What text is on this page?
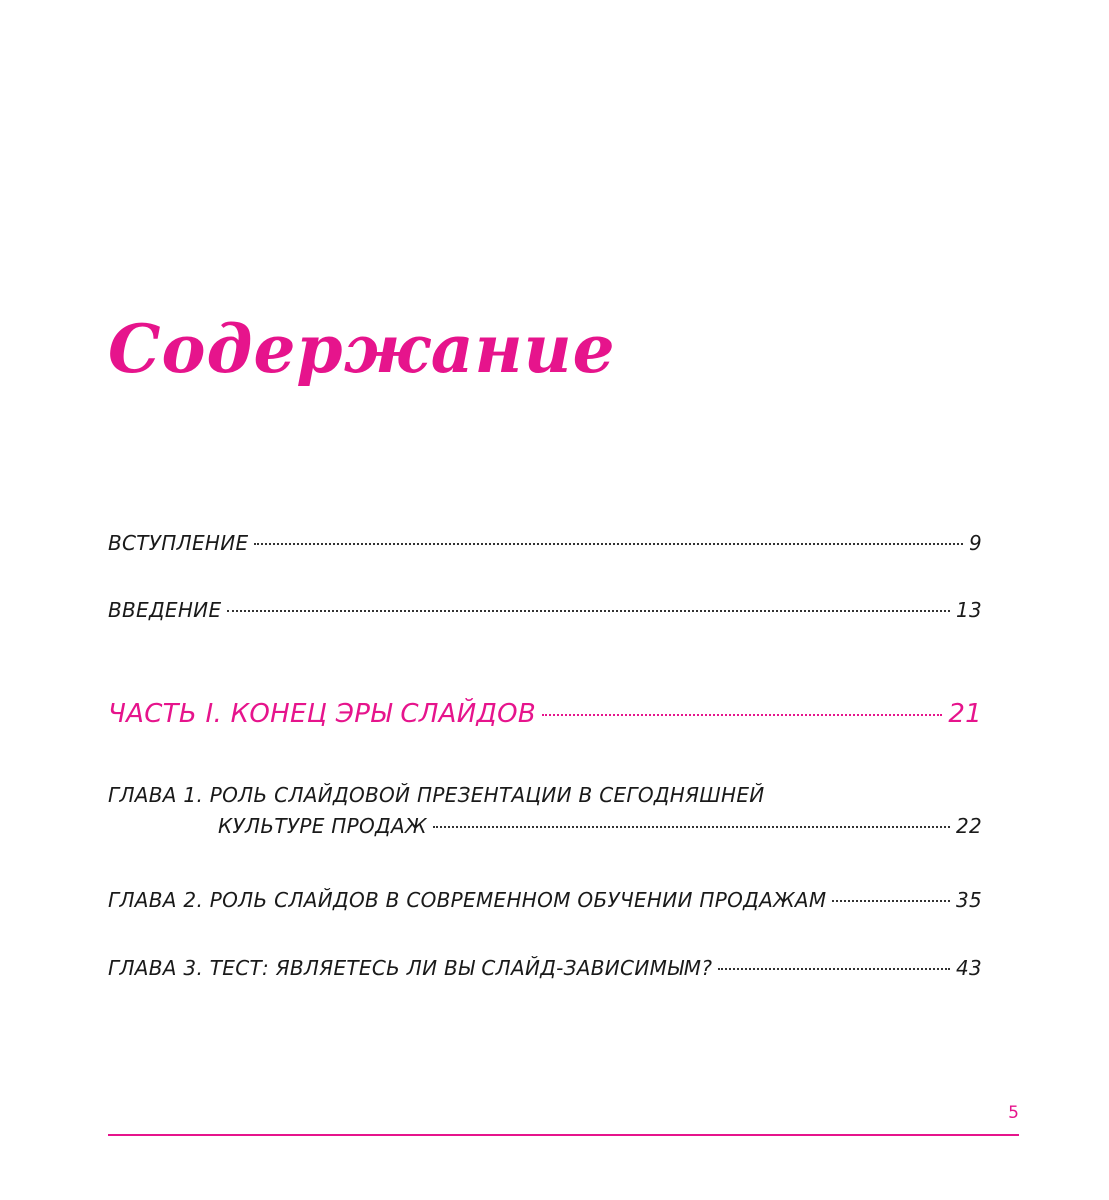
Содержание
ВСТУПЛЕНИЕ	9
ВВЕДЕНИЕ	13
ЧАСТЬ I. КОНЕЦ ЭРЫ СЛАЙДОВ	21
ГЛАВА 1. РОЛЬ СЛАЙДОВОЙ ПРЕЗЕНТАЦИИ В СЕГОДНЯШНЕЙ
КУЛЬТУРЕ ПРОДАЖ	22
ГЛАВА 2. РОЛЬ СЛАЙДОВ В СОВРЕМЕННОМ ОБУЧЕНИИ ПРОДАЖАМ	35
ГЛАВА 3. ТЕСТ: ЯВЛЯЕТЕСЬ ЛИ ВЫ СЛАЙД-ЗАВИСИМЫМ?	43
5
